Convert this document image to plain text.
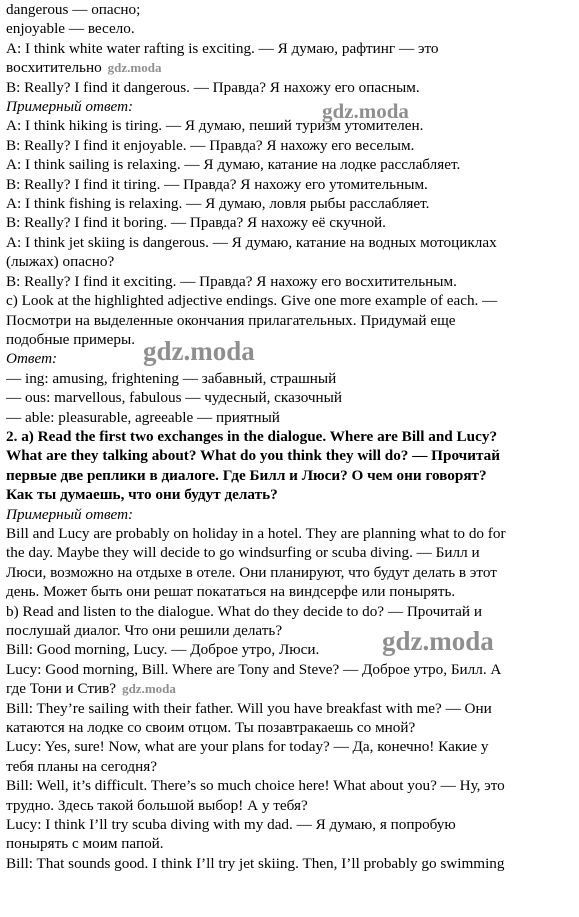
dangerous — опасно;
enjoyable — весело.
A: I think white water rafting is exciting. — Я думаю, рафтинг — это
восхитительно gdz.moda
B: Really? I find it dangerous. — Правда? Я нахожу его опасным.
Примерный ответ:
A: I think hiking is tiring. — Я думаю, пеший туризм утомителен.
B: Really? I find it enjoyable. — Правда? Я нахожу его веселым.
A: I think sailing is relaxing. — Я думаю, катание на лодке расслабляет.
B: Really? I find it tiring. — Правда? Я нахожу его утомительным.
A: I think fishing is relaxing. — Я думаю, ловля рыбы расслабляет.
B: Really? I find it boring. — Правда? Я нахожу её скучной.
A: I think jet skiing is dangerous. — Я думаю, катание на водных мотоциклах
(лыжах) опасно?
B: Really? I find it exciting. — Правда? Я нахожу его восхитительным.
c) Look at the highlighted adjective endings. Give one more example of each. —
Посмотри на выделенные окончания прилагательных. Придумай еще
подобные примеры.
Ответ:
— ing: amusing, frightening — забавный, страшный
— ous: marvellous, fabulous — чудесный, сказочный
— able: pleasurable, agreeable — приятный
2. a) Read the first two exchanges in the dialogue. Where are Bill and Lucy?
What are they talking about? What do you think they will do? — Прочитай
первые две реплики в диалоге. Где Билл и Люси? О чем они говорят?
Как ты думаешь, что они будут делать?
Примерный ответ:
Bill and Lucy are probably on holiday in a hotel. They are planning what to do for
the day. Maybe they will decide to go windsurfing or scuba diving. — Билл и
Люси, возможно на отдыхе в отеле. Они планируют, что будут делать в этот
день. Может быть они решат покататься на виндсерфе или понырять.
b) Read and listen to the dialogue. What do they decide to do? — Прочитай и
послушай диалог. Что они решили делать?
Bill: Good morning, Lucy. — Доброе утро, Люси.
Lucy: Good morning, Bill. Where are Tony and Steve? — Доброе утро, Билл. А
где Тони и Стив? gdz.moda
Bill: They’re sailing with their father. Will you have breakfast with me? — Они
катаются на лодке со своим отцом. Ты позавтракаешь со мной?
Lucy: Yes, sure! Now, what are your plans for today? — Да, конечно! Какие у
тебя планы на сегодня?
Bill: Well, it’s difficult. There’s so much choice here! What about you? — Ну, это
трудно. Здесь такой большой выбор! А у тебя?
Lucy: I think I’ll try scuba diving with my dad. — Я думаю, я попробую
понырять с моим папой.
Bill: That sounds good. I think I’ll try jet skiing. Then, I’ll probably go swimming
gdz.moda
gdz.moda
gdz.moda
